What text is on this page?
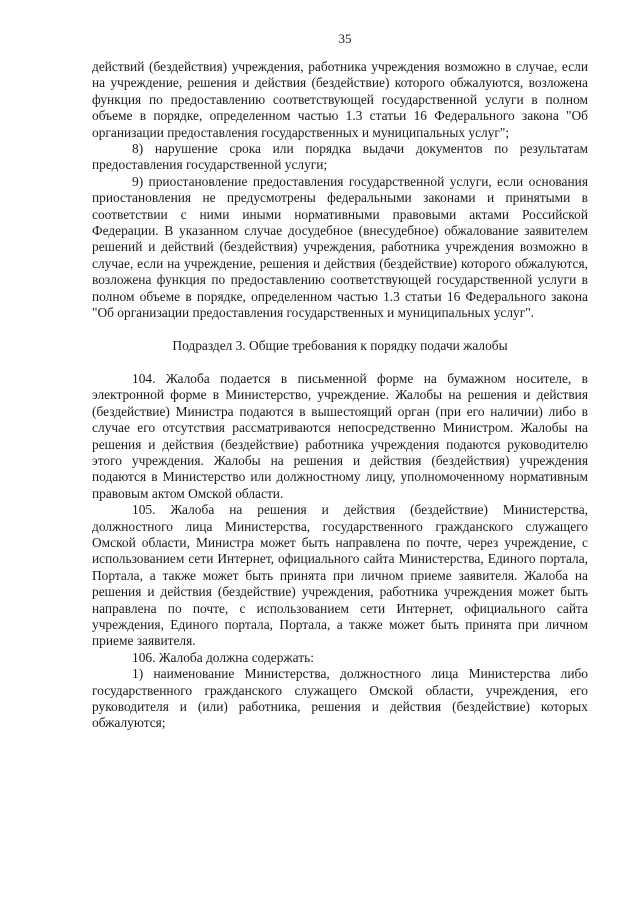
35

действий (бездействия) учреждения, работника учреждения возможно в случае, если на учреждение, решения и действия (бездействие) которого обжалуются, возложена функция по предоставлению соответствующей государственной услуги в полном объеме в порядке, определенном частью 1.3 статьи 16 Федерального закона "Об организации предоставления государственных и муниципальных услуг";

8) нарушение срока или порядка выдачи документов по результатам предоставления государственной услуги;

9) приостановление предоставления государственной услуги, если основания приостановления не предусмотрены федеральными законами и принятыми в соответствии с ними иными нормативными правовыми актами Российской Федерации. В указанном случае досудебное (внесудебное) обжалование заявителем решений и действий (бездействия) учреждения, работника учреждения возможно в случае, если на учреждение, решения и действия (бездействие) которого обжалуются, возложена функция по предоставлению соответствующей государственной услуги в полном объеме в порядке, определенном частью 1.3 статьи 16 Федерального закона "Об организации предоставления государственных и муниципальных услуг".

Подраздел 3. Общие требования к порядку подачи жалобы

104. Жалоба подается в письменной форме на бумажном носителе, в электронной форме в Министерство, учреждение. Жалобы на решения и действия (бездействие) Министра подаются в вышестоящий орган (при его наличии) либо в случае его отсутствия рассматриваются непосредственно Министром. Жалобы на решения и действия (бездействие) работника учреждения подаются руководителю этого учреждения. Жалобы на решения и действия (бездействия) учреждения подаются в Министерство или должностному лицу, уполномоченному нормативным правовым актом Омской области.

105. Жалоба на решения и действия (бездействие) Министерства, должностного лица Министерства, государственного гражданского служащего Омской области, Министра может быть направлена по почте, через учреждение, с использованием сети Интернет, официального сайта Министерства, Единого портала, Портала, а также может быть принята при личном приеме заявителя. Жалоба на решения и действия (бездействие) учреждения, работника учреждения может быть направлена по почте, с использованием сети Интернет, официального сайта учреждения, Единого портала, Портала, а также может быть принята при личном приеме заявителя.

106. Жалоба должна содержать:

1) наименование Министерства, должностного лица Министерства либо государственного гражданского служащего Омской области, учреждения, его руководителя и (или) работника, решения и действия (бездействие) которых обжалуются;
